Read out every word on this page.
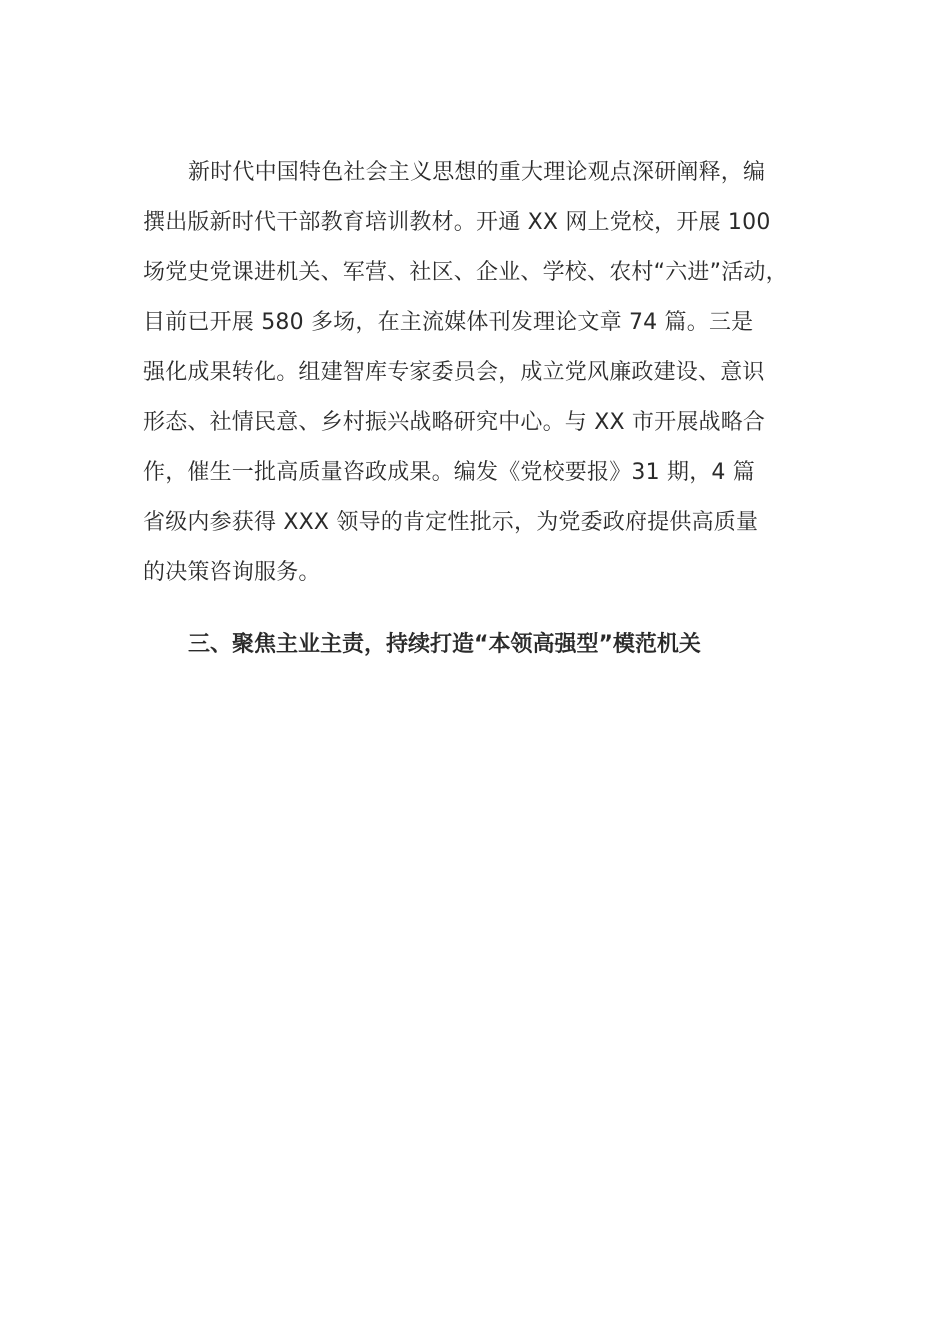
新时代中国特色社会主义思想的重大理论观点深研阐释，编
撰出版新时代干部教育培训教材。开通 XX 网上党校，开展 100
场党史党课进机关、军营、社区、企业、学校、农村“六进”活动，
目前已开展 580 多场，在主流媒体刊发理论文章 74 篇。三是
强化成果转化。组建智库专家委员会，成立党风廉政建设、意识
形态、社情民意、乡村振兴战略研究中心。与 XX 市开展战略合
作，催生一批高质量咨政成果。编发《党校要报》31 期，4 篇
省级内参获得 XXX 领导的肯定性批示，为党委政府提供高质量
的决策咨询服务。
三、聚焦主业主责，持续打造“本领高强型”模范机关
